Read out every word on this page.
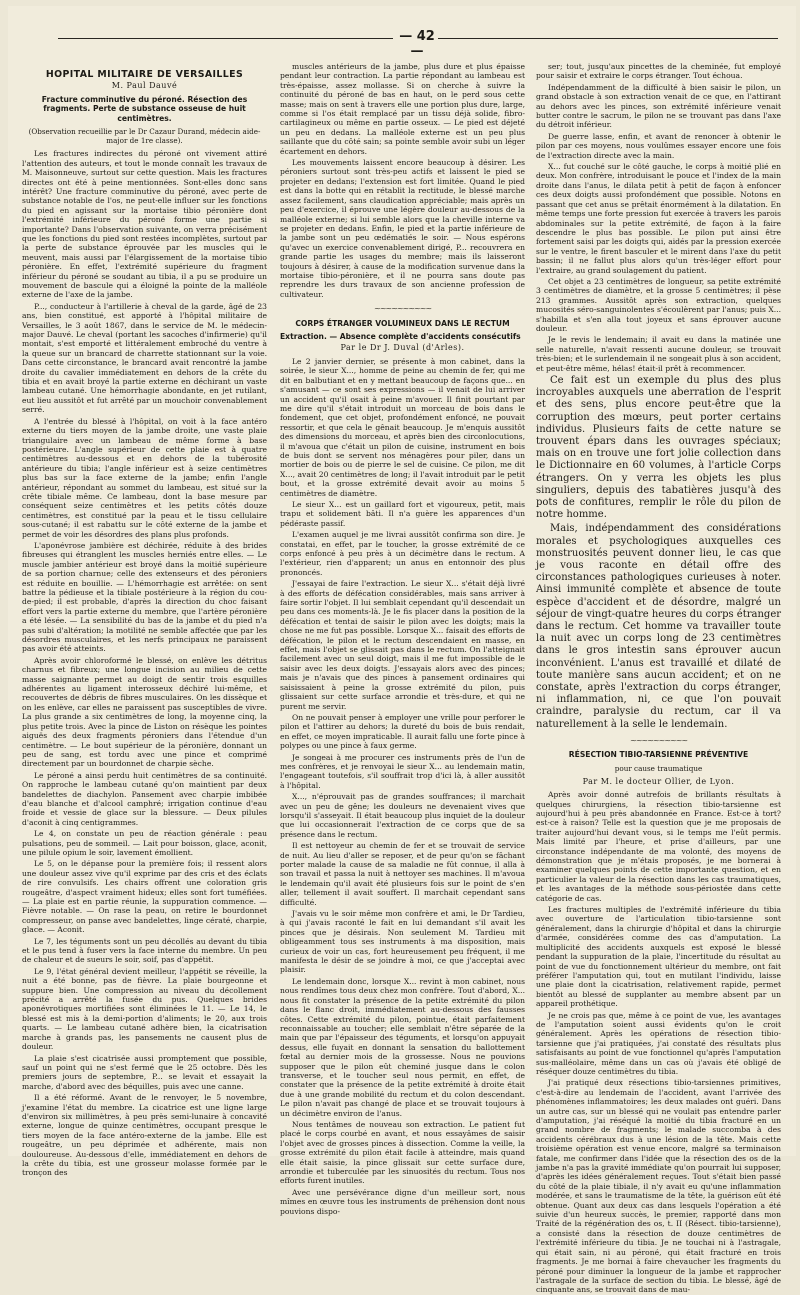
— 42 —
HOPITAL MILITAIRE DE VERSAILLES
M. Paul Dauvé
Fracture comminutive du péroné. Résection des fragments. Perte de substance osseuse de huit centimètres.
(Observation recueillie par le Dr Cazaur Durand, médecin aide-major de 1re classe).

Les fractures indirectes du péroné ont vivement attiré l'attention des auteurs, et tout le monde connaît les travaux de M. Maisonneuve, surtout sur cette question. Mais les fractures directes ont été à peine mentionnées. Sont-elles donc sans intérêt? Une fracture comminutive du péroné, avec perte de substance notable de l'os, ne peut-elle influer sur les fonctions du pied en agissant sur la mortaise tibio péronière dont l'extrémité inférieure du péroné forme une partie si importante? Dans l'observation suivante, on verra précisément que les fonctions du pied sont restées incomplètes, surtout par la perte de substance éprouvée par les muscles qui le meuvent, mais aussi par l'élargissement de la mortaise tibio péronière. En effet, l'extrémité supérieure du fragment inférieur du péroné se soudant au tibia, il a pu se produire un mouvement de bascule qui a éloigné la pointe de la malléole externe de l'axe de la jambe.

P..., conducteur à l'artillerie à cheval de la garde, âgé de 23 ans, bien constitué, est apporté à l'hôpital militaire de Versailles, le 3 août 1867, dans le service de M. le médecin-major Dauvé. Le cheval (portant les sacoches d'infirmerie) qu'il montait, s'est emporté et littéralement embroché du ventre à la queue sur un brancard de charrette stationnant sur la voie. Dans cette circonstance, le brancard avait rencontré la jambe droite du cavalier immédiatement en dehors de la crête du tibia et en avait broyé la partie externe en déchirant un vaste lambeau cutané. Une hémorrhagie abondante, en jet rutilant, eut lieu aussitôt et fut arrêté par un mouchoir convenablement serré.

A l'entrée du blessé à l'hôpital, on voit à la face antéro externe du tiers moyen de la jambe droite, une vaste plaie triangulaire avec un lambeau de même forme à base postérieure. L'angle supérieur de cette plaie est à quatre centimètres au-dessous et en dehors de la tubérosité antérieure du tibia; l'angle inférieur est à seize centimètres plus bas sur la face externe de la jambe; enfin l'angle antérieur, répondant au sommet du lambeau, est situé sur la crête tibiale même. Ce lambeau, dont la base mesure par conséquent seize centimètres et les petits côtés douze centimètres, est constitué par la peau et le tissu cellulaire sous-cutané; il est rabattu sur le côté externe de la jambe et permet de voir les désordres des plans plus profonds.

L'aponévrose jambière est déchirée, réduite à des brides fibreuses qui étranglent les muscles herniés entre elles. — Le muscle jambier antérieur est broyé dans la moitié supérieure de sa portion charnue; celle des extenseurs et des péroniers est réduite en bouillie. — L'hémorrhagie est arrêtée: on sent battre la pédieuse et la tibiale postérieure à la région du cou-de-pied; il est probable, d'après la direction du choc faisant effort vers la partie externe du membre, que l'artère péronière a été lésée. — La sensibilité du bas de la jambe et du pied n'a pas subi d'altération; la motilité ne semble affectée que par les désordres musculaires, et les nerfs principaux ne paraissent pas avoir été atteints.

Après avoir chloroformé le blessé, on enlève les détritus charnus et fibreux; une longue incision au milieu de cette masse saignante permet au doigt de sentir trois esquilles adhérentes au ligament interosseux déchiré lui-même, et recouvertes de débris de fibres musculaires. On les dissèque et on les enlève, car elles ne paraissent pas susceptibles de vivre. La plus grande a six centimètres de long, la moyenne cinq, la plus petite trois. Avec la pince de Liston on résèque les pointes aiguës des deux fragments péroniers dans l'étendue d'un centimètre. — Le bout supérieur de la péronière, donnant un peu de sang, est tordu avec une pince et comprimé directement par un bourdonnet de charpie sèche.

Le péroné a ainsi perdu huit centimètres de sa continuité. On rapproche le lambeau cutané qu'on maintient par deux bandelettes de diachylon. Pansement avec charpie imbibée d'eau blanche et d'alcool camphré; irrigation continue d'eau froide et vessie de glace sur la blessure. — Deux pilules d'aconit à cinq centigrammes.

Le 4, on constate un peu de réaction générale : peau pulsations, peu de sommeil. — Lait pour boisson, glace, aconit, une pilule opium le soir, lavement émollient.

Le 5, on le dépanse pour la première fois; il ressent alors une douleur assez vive qu'il exprime par des cris et des éclats de rire convulsifs. Les chairs offrent une coloration gris rougeâtre, d'aspect vraiment hideux; elles sont fort tuméfiées. — La plaie est en partie réunie, la suppuration commence. — Fièvre notable. — On rase la peau, on retire le bourdonnet compresseur, on panse avec bandelettes, linge cératé, charpie, glace. — Aconit.

Le 7, les téguments sont un peu décollés au devant du tibia et le pus tend à fuser vers la face interne du membre. Un peu de chaleur et de sueurs le soir, soif, pas d'appétit.

Le 9, l'état général devient meilleur, l'appétit se réveille, la nuit a été bonne, pas de fièvre. La plaie bourgeonne et suppure bien. Une compression au niveau du décollement précité a arrêté la fusée du pus. Quelques brides aponévrotiques mortifiées sont éliminées le 11. — Le 14, le blessé est mis à la demi-portion d'aliments; le 20, aux trois quarts. — Le lambeau cutané adhère bien, la cicatrisation marche à grands pas, les pansements ne causent plus de douleur.

La plaie s'est cicatrisée aussi promptement que possible, sauf un point qui ne s'est fermé que le 25 octobre. Dès les premiers jours de septembre, P... se levait et essayait la marche, d'abord avec des béquilles, puis avec une canne.

Il a été réformé. Avant de le renvoyer, le 5 novembre, j'examine l'état du membre. La cicatrice est une ligne large d'environ six millimètres, à peu près semi-lunaire à concavité externe, longue de quinze centimètres, occupant presque le tiers moyen de la face antéro-externe de la jambe. Elle est rougeâtre, un peu déprimée et adhérente, mais non douloureuse. Au-dessous d'elle, immédiatement en dehors de la crête du tibia, est une grosseur molasse formée par le tronçon des

muscles antérieurs de la jambe, plus dure et plus épaisse pendant leur contraction. La partie répondant au lambeau est très-épaisse, assez mollasse. Si on cherche à suivre la continuité du péroné de bas en haut, on le perd sous cette masse; mais on sent à travers elle une portion plus dure, large, comme si l'os était remplacé par un tissu déjà solide, fibro-cartilagineux ou même en partie osseux. — Le pied est déjeté un peu en dedans. La malléole externe est un peu plus saillante que du côté sain; sa pointe semble avoir subi un léger écartement en dehors.

Les mouvements laissent encore beaucoup à désirer. Les péroniers surtout sont très-peu actifs et laissent le pied se projeter en dedans; l'extension est fort limitée. Quand le pied est dans la botte qui en rétablit la rectitude, le blessé marche assez facilement, sans claudication appréciable; mais après un peu d'exercice, il éprouve une légère douleur au-dessous de la malléole externe; si lui semble alors que la cheville interne va se projeter en dedans. Enfin, le pied et la partie inférieure de la jambe sont un peu œdématiés le soir. — Nous espérons qu'avec un exercice convenablement dirigé, P... recouvrera en grande partie les usages du membre; mais ils laisseront toujours à désirer, à cause de la modification survenue dans la mortaise tibio-péronière, et il ne pourra sans doute pas reprendre les durs travaux de son ancienne profession de cultivateur.

~~~~~~~~~~
CORPS ÉTRANGER VOLUMINEUX DANS LE RECTUM
Extraction. — Absence complète d'accidents consécutifs
Par le Dr J. Duval (d'Arles).

Le 2 janvier dernier, se présente à mon cabinet, dans la soirée, le sieur X..., homme de peine au chemin de fer, qui me dit en balbutiant et en y mettant beaucoup de façons que... en s'amusant — ce sont ses expressions — il venait de lui arriver un accident qu'il osait à peine m'avouer. Il finit pourtant par me dire qu'il s'était introduit un morceau de bois dans le fondement, que cet objet, profondément enfoncé, ne pouvait ressortir, et que cela le gênait beaucoup. Je m'enquis aussitôt des dimensions du morceau, et après bien des circonlocutions, il m'avoua que c'était un pilon de cuisine, instrument en bois de buis dont se servent nos ménagères pour piler, dans un mortier de bois ou de pierre le sel de cuisine. Ce pilon, me dit X..., avait 20 centimètres de long; il l'avait introduit par le petit bout, et la grosse extrémité devait avoir au moins 5 centimètres de diamètre.

Le sieur X... est un gaillard fort et vigoureux, petit, mais trapu et solidement bâti. Il n'a guère les apparences d'un pédéraste passif.

L'examen auquel je me livrai aussitôt confirma son dire. Je constatai, en effet, par le toucher, la grosse extrémité de ce corps enfoncé à peu près à un décimètre dans le rectum. A l'extérieur, rien d'apparent; un anus en entonnoir des plus prononcés.

J'essayai de faire l'extraction. Le sieur X... s'était déjà livré à des efforts de défécation considérables, mais sans arriver à faire sortir l'objet. Il lui semblait cependant qu'il descendait un peu dans ces moments-là. Je le fis placer dans la position de la défécation et tentai de saisir le pilon avec les doigts; mais la chose ne me fut pas possible. Lorsque X... faisait des efforts de défécation, le pilon et le rectum descendaient en masse, en effet, mais l'objet se glissait pas dans le rectum. On l'atteignait facilement avec un seul doigt, mais il me fut impossible de le saisir avec les deux doigts. J'essayais alors avec des pinces; mais je n'avais que des pinces à pansement ordinaires qui saisissaient à peine la grosse extrémité du pilon, puis glissaient sur cette surface arrondie et très-dure, et qui ne purent me servir.

On ne pouvait penser à employer une vrille pour perforer le pilon et l'attirer au dehors; la dureté du bois de buis rendait, en effet, ce moyen impraticable. Il aurait fallu une forte pince à polypes ou une pince à faux germe.

Je songeai à me procurer ces instruments près de l'un de mes confrères, et je renvoyai le sieur X... au lendemain matin, l'engageant toutefois, s'il souffrait trop d'ici là, à aller aussitôt à l'hôpital.

X..., n'éprouvait pas de grandes souffrances; il marchait avec un peu de gêne; les douleurs ne devenaient vives que lorsqu'il s'asseyait. Il était beaucoup plus inquiet de la douleur que lui occasionnerait l'extraction de ce corps que de sa présence dans le rectum.

Il est nettoyeur au chemin de fer et se trouvait de service de nuit. Au lieu d'aller se reposer, et de peur qu'on se fâchant porter malade la cause de sa maladie ne fût connue, il alla à son travail et passa la nuit à nettoyer ses machines. Il m'avoua le lendemain qu'il avait été plusieurs fois sur le point de s'en aller, tellement il avait souffert. Il marchait cependant sans difficulté.

J'avais vu le soir même mon confrère et ami, le Dr Tardieu, à qui j'avais raconté le fait en lui demandant s'il avait les pinces que je désirais. Non seulement M. Tardieu mit obligeamment tous ses instruments à ma disposition, mais curieux de voir un cas, fort heureusement peu fréquent, il me manifesta le désir de se joindre à moi, ce que j'acceptai avec plaisir.

Le lendemain donc, lorsque X... revint à mon cabinet, nous nous rendîmes tous deux chez mon confrère. Tout d'abord, X... nous fit constater la présence de la petite extrémité du pilon dans le flanc droit, immédiatement au-dessous des fausses côtes. Cette extrémité du pilon, pointue, était parfaitement reconnaissable au toucher; elle semblait n'être séparée de la main que par l'épaisseur des téguments, et lorsqu'on appuyait dessus, elle fuyait en donnant la sensation du ballottement fœtal au dernier mois de la grossesse. Nous ne pouvions supposer que le pilon eût cheminé jusque dans le colon transverse, et le toucher seul nous permit, en effet, de constater que la présence de la petite extrémité à droite était due à une grande mobilité du rectum et du colon descendant. Le pilon n'avait pas changé de place et se trouvait toujours à un décimètre environ de l'anus.

Nous tentâmes de nouveau son extraction. Le patient fut placé le corps courbé en avant, et nous essayâmes de saisir l'objet avec de grosses pinces à dissection. Comme la veille, la grosse extrémité du pilon était facile à atteindre, mais quand elle était saisie, la pince glissait sur cette surface dure, arrondie et tuberculée par les sinuosités du rectum. Tous nos efforts furent inutiles.

Avec une persévérance digne d'un meilleur sort, nous mîmes en œuvre tous les instruments de préhension dont nous pouvions dispo-

ser; tout, jusqu'aux pincettes de la cheminée, fut employé pour saisir et extraire le corps étranger. Tout échoua.

Indépendamment de la difficulté à bien saisir le pilon, un grand obstacle à son extraction venait de ce que, en l'attirant au dehors avec les pinces, son extrémité inférieure venait butter contre le sacrum, le pilon ne se trouvant pas dans l'axe du détroit inférieur.

De guerre lasse, enfin, et avant de renoncer à obtenir le pilon par ces moyens, nous voulûmes essayer encore une fois de l'extraction directe avec la main.

X... fut couché sur le côté gauche, le corps à moitié plié en deux. Mon confrère, introduisant le pouce et l'index de la main droite dans l'anus, le dilata petit à petit de façon à enfoncer ces deux doigts aussi profondément que possible. Notons en passant que cet anus se prêtait énormément à la dilatation. En même temps une forte pression fut exercée à travers les parois abdominales sur la petite extrémité, de façon à la faire descendre le plus bas possible. Le pilon put ainsi être fortement saisi par les doigts qui, aidés par la pression exercée sur le ventre, le firent basculer et le mirent dans l'axe du petit bassin; il ne fallut plus alors qu'un très-léger effort pour l'extraire, au grand soulagement du patient.

Cet objet a 23 centimètres de longueur, sa petite extrémité 3 centimètres de diamètre, et la grosse 5 centimètres; il pèse 213 grammes. Aussitôt après son extraction, quelques mucosités séro-sanguinolentes s'écoulèrent par l'anus; puis X... s'habilla et s'en alla tout joyeux et sans éprouver aucune douleur.

Je le revis le lendemain; il avait eu dans la matinée une selle naturelle, n'avait ressenti aucune douleur, se trouvait très-bien; et le surlendemain il ne songeait plus à son accident, et peut-être même, hélas! était-il prêt à recommencer.

Ce fait est un exemple du plus des plus incroyables auxquels une aberration de l'esprit et des sens, plus encore peut-être que la corruption des mœurs, peut porter certains individus. Plusieurs faits de cette nature se trouvent épars dans les ouvrages spéciaux; mais on en trouve une fort jolie collection dans le Dictionnaire en 60 volumes, à l'article Corps étrangers. On y verra les objets les plus singuliers, depuis des tabatières jusqu'à des pots de confitures, remplir le rôle du pilon de notre homme.

Mais, indépendamment des considérations morales et psychologiques auxquelles ces monstruosités peuvent donner lieu, le cas que je vous raconte en détail offre des circonstances pathologiques curieuses à noter. Ainsi immunité complète et absence de toute espèce d'accident et de désordre, malgré un séjour de vingt-quatre heures du corps étranger dans le rectum. Cet homme va travailler toute la nuit avec un corps long de 23 centimètres dans le gros intestin sans éprouver aucun inconvénient. L'anus est travaillé et dilaté de toute manière sans aucun accident; et on ne constate, après l'extraction du corps étranger, ni inflammation, ni, ce que l'on pouvait craindre, paralysie du rectum, car il va naturellement à la selle le lendemain.

~~~~~~~~~~
RÉSECTION TIBIO-TARSIENNE PRÉVENTIVE
pour cause traumatique
Par M. le docteur Ollier, de Lyon.

Après avoir donné autrefois de brillants résultats à quelques chirurgiens, la résection tibio-tarsienne est aujourd'hui à peu près abandonnée en France. Est-ce à tort? est-ce à raison? Telle est la question que je me proposais de traiter aujourd'hui devant vous, si le temps me l'eût permis. Mais limité par l'heure, et prise d'ailleurs, par une circonstance indépendante de ma volonté, des moyens de démonstration que je m'étais proposés, je me bornerai à examiner quelques points de cette importante question, et en particulier la valeur de la résection dans les cas traumatiques, et les avantages de la méthode sous-périostée dans cette catégorie de cas.

Les fractures multiples de l'extrémité inférieure du tibia avec ouverture de l'articulation tibio-tarsienne sont généralement, dans la chirurgie d'hôpital et dans la chirurgie d'armée, considérées comme des cas d'amputation. La multiplicité des accidents auxquels est exposé le blessé pendant la suppuration de la plaie, l'incertitude du résultat au point de vue du fonctionnement ultérieur du membre, ont fait préférer l'amputation qui, tout en mutilant l'individu, laisse une plaie dont la cicatrisation, relativement rapide, permet bientôt au blessé de supplanter au membre absent par un appareil prothétique.

Je ne crois pas que, même à ce point de vue, les avantages de l'amputation soient aussi évidents qu'on le croit généralement. Après les opérations de résection tibio-tarsienne que j'ai pratiquées, j'ai constaté des résultats plus satisfaisants au point de vue fonctionnel qu'après l'amputation sus-malléolaire, même dans un cas où j'avais été obligé de réséquer douze centimètres du tibia.

J'ai pratiqué deux résections tibio-tarsiennes primitives, c'est-à-dire au lendemain de l'accident, avant l'arrivée des phénomènes inflammatoires; les deux malades ont guéri. Dans un autre cas, sur un blessé qui ne voulait pas entendre parler d'amputation, j'ai réséqué la moitié du tibia fracturé en un grand nombre de fragments; le malade succomba à des accidents cérébraux dus à une lésion de la tête. Mais cette troisième opération est venue encore, malgré sa terminaison fatale, me confirmer dans l'idée que la résection des os de la jambe n'a pas la gravité immédiate qu'on pourrait lui supposer, d'après les idées généralement reçues. Tout s'était bien passé du côté de la plaie tibiale, il n'y avait eu qu'une inflammation modérée, et sans le traumatisme de la tête, la guérison eût été obtenue. Quant aux deux cas dans lesquels l'opération a été suivie d'un heureux succès, le premier, rapporté dans mon Traité de la régénération des os, t. II (Résect. tibio-tarsienne), a consisté dans la résection de douze centimètres de l'extrémité inférieure du tibia. Je ne touchai ni à l'astragale, qui était sain, ni au péroné, qui était fracturé en trois fragments. Je me bornai à faire chevaucher les fragments du péroné pour diminuer la longueur de la jambe et rapprocher l'astragale de la surface de section du tibia. Le blessé, âgé de cinquante ans, se trouvait dans de mau-
